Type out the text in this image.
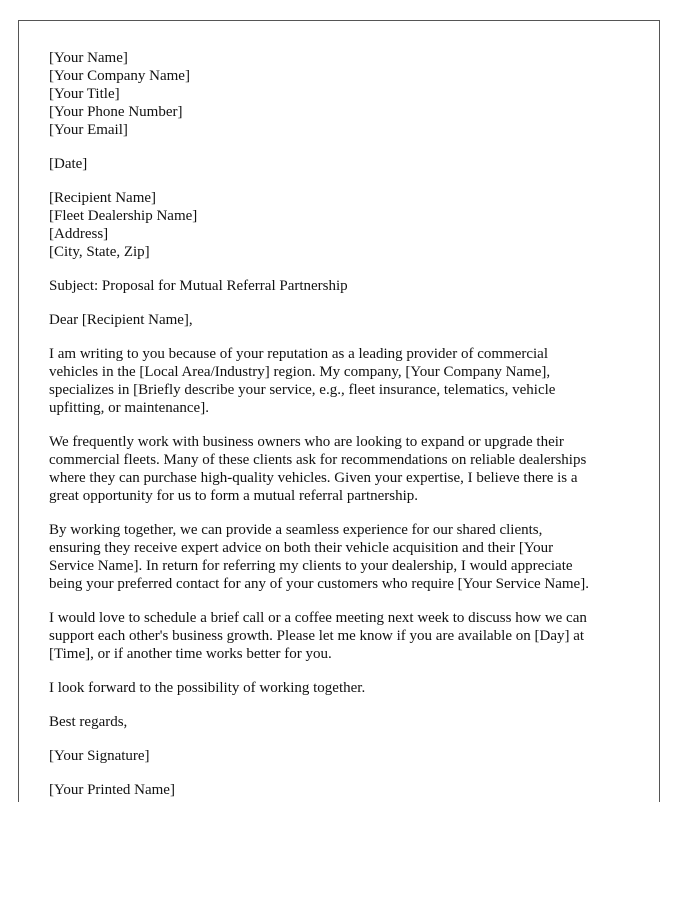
[Your Name]
[Your Company Name]
[Your Title]
[Your Phone Number]
[Your Email]
[Date]
[Recipient Name]
[Fleet Dealership Name]
[Address]
[City, State, Zip]

Subject: Proposal for Mutual Referral Partnership

Dear [Recipient Name],

I am writing to you because of your reputation as a leading provider of commercial
vehicles in the [Local Area/Industry] region. My company, [Your Company Name],
specializes in [Briefly describe your service, e.g., fleet insurance, telematics, vehicle
upfitting, or maintenance].

We frequently work with business owners who are looking to expand or upgrade their
commercial fleets. Many of these clients ask for recommendations on reliable dealerships
where they can purchase high-quality vehicles. Given your expertise, I believe there is a
great opportunity for us to form a mutual referral partnership.

By working together, we can provide a seamless experience for our shared clients,
ensuring they receive expert advice on both their vehicle acquisition and their [Your
Service Name]. In return for referring my clients to your dealership, I would appreciate
being your preferred contact for any of your customers who require [Your Service Name].

I would love to schedule a brief call or a coffee meeting next week to discuss how we can
support each other's business growth. Please let me know if you are available on [Day] at
[Time], or if another time works better for you.

I look forward to the possibility of working together.

Best regards,

[Your Signature]

[Your Printed Name]
